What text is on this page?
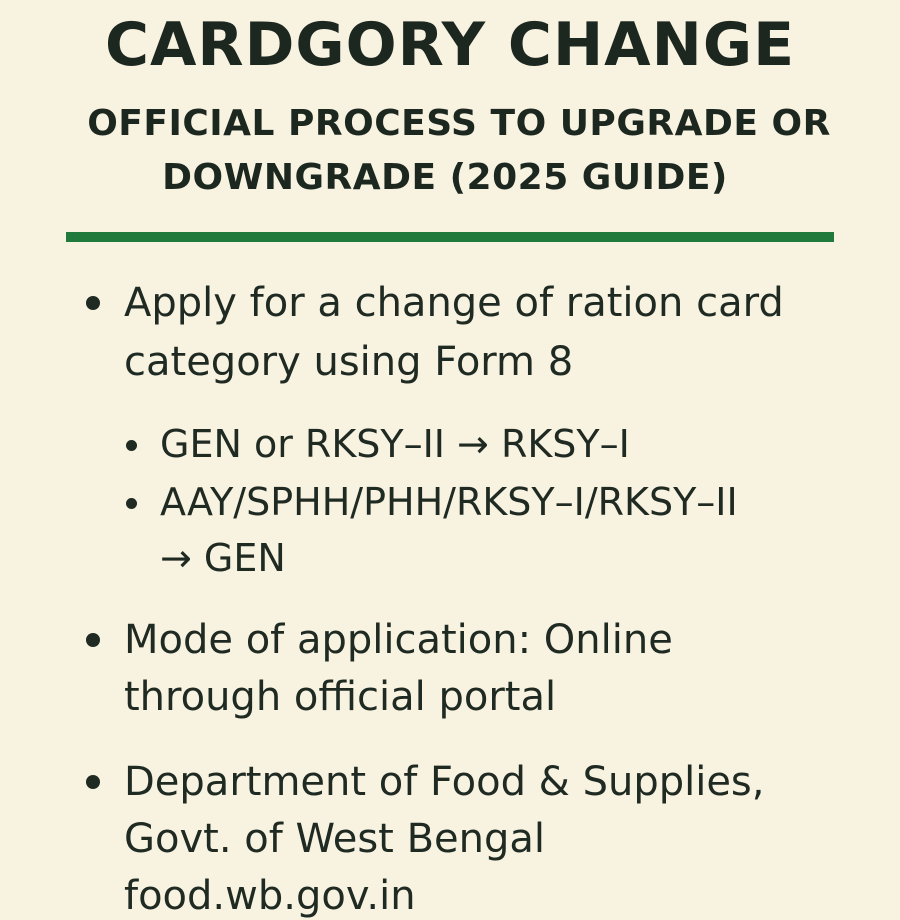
CARDGORY CHANGE
OFFICIAL PROCESS TO UPGRADE OR
DOWNGRADE (2025 GUIDE)
Apply for a change of ration card
category using Form 8
GEN or RKSY–II → RKSY–I
AAY/SPHH/PHH/RKSY–I/RKSY–II
→ GEN
Mode of application: Online
through official portal
Department of Food & Supplies,
Govt. of West Bengal
food.wb.gov.in
